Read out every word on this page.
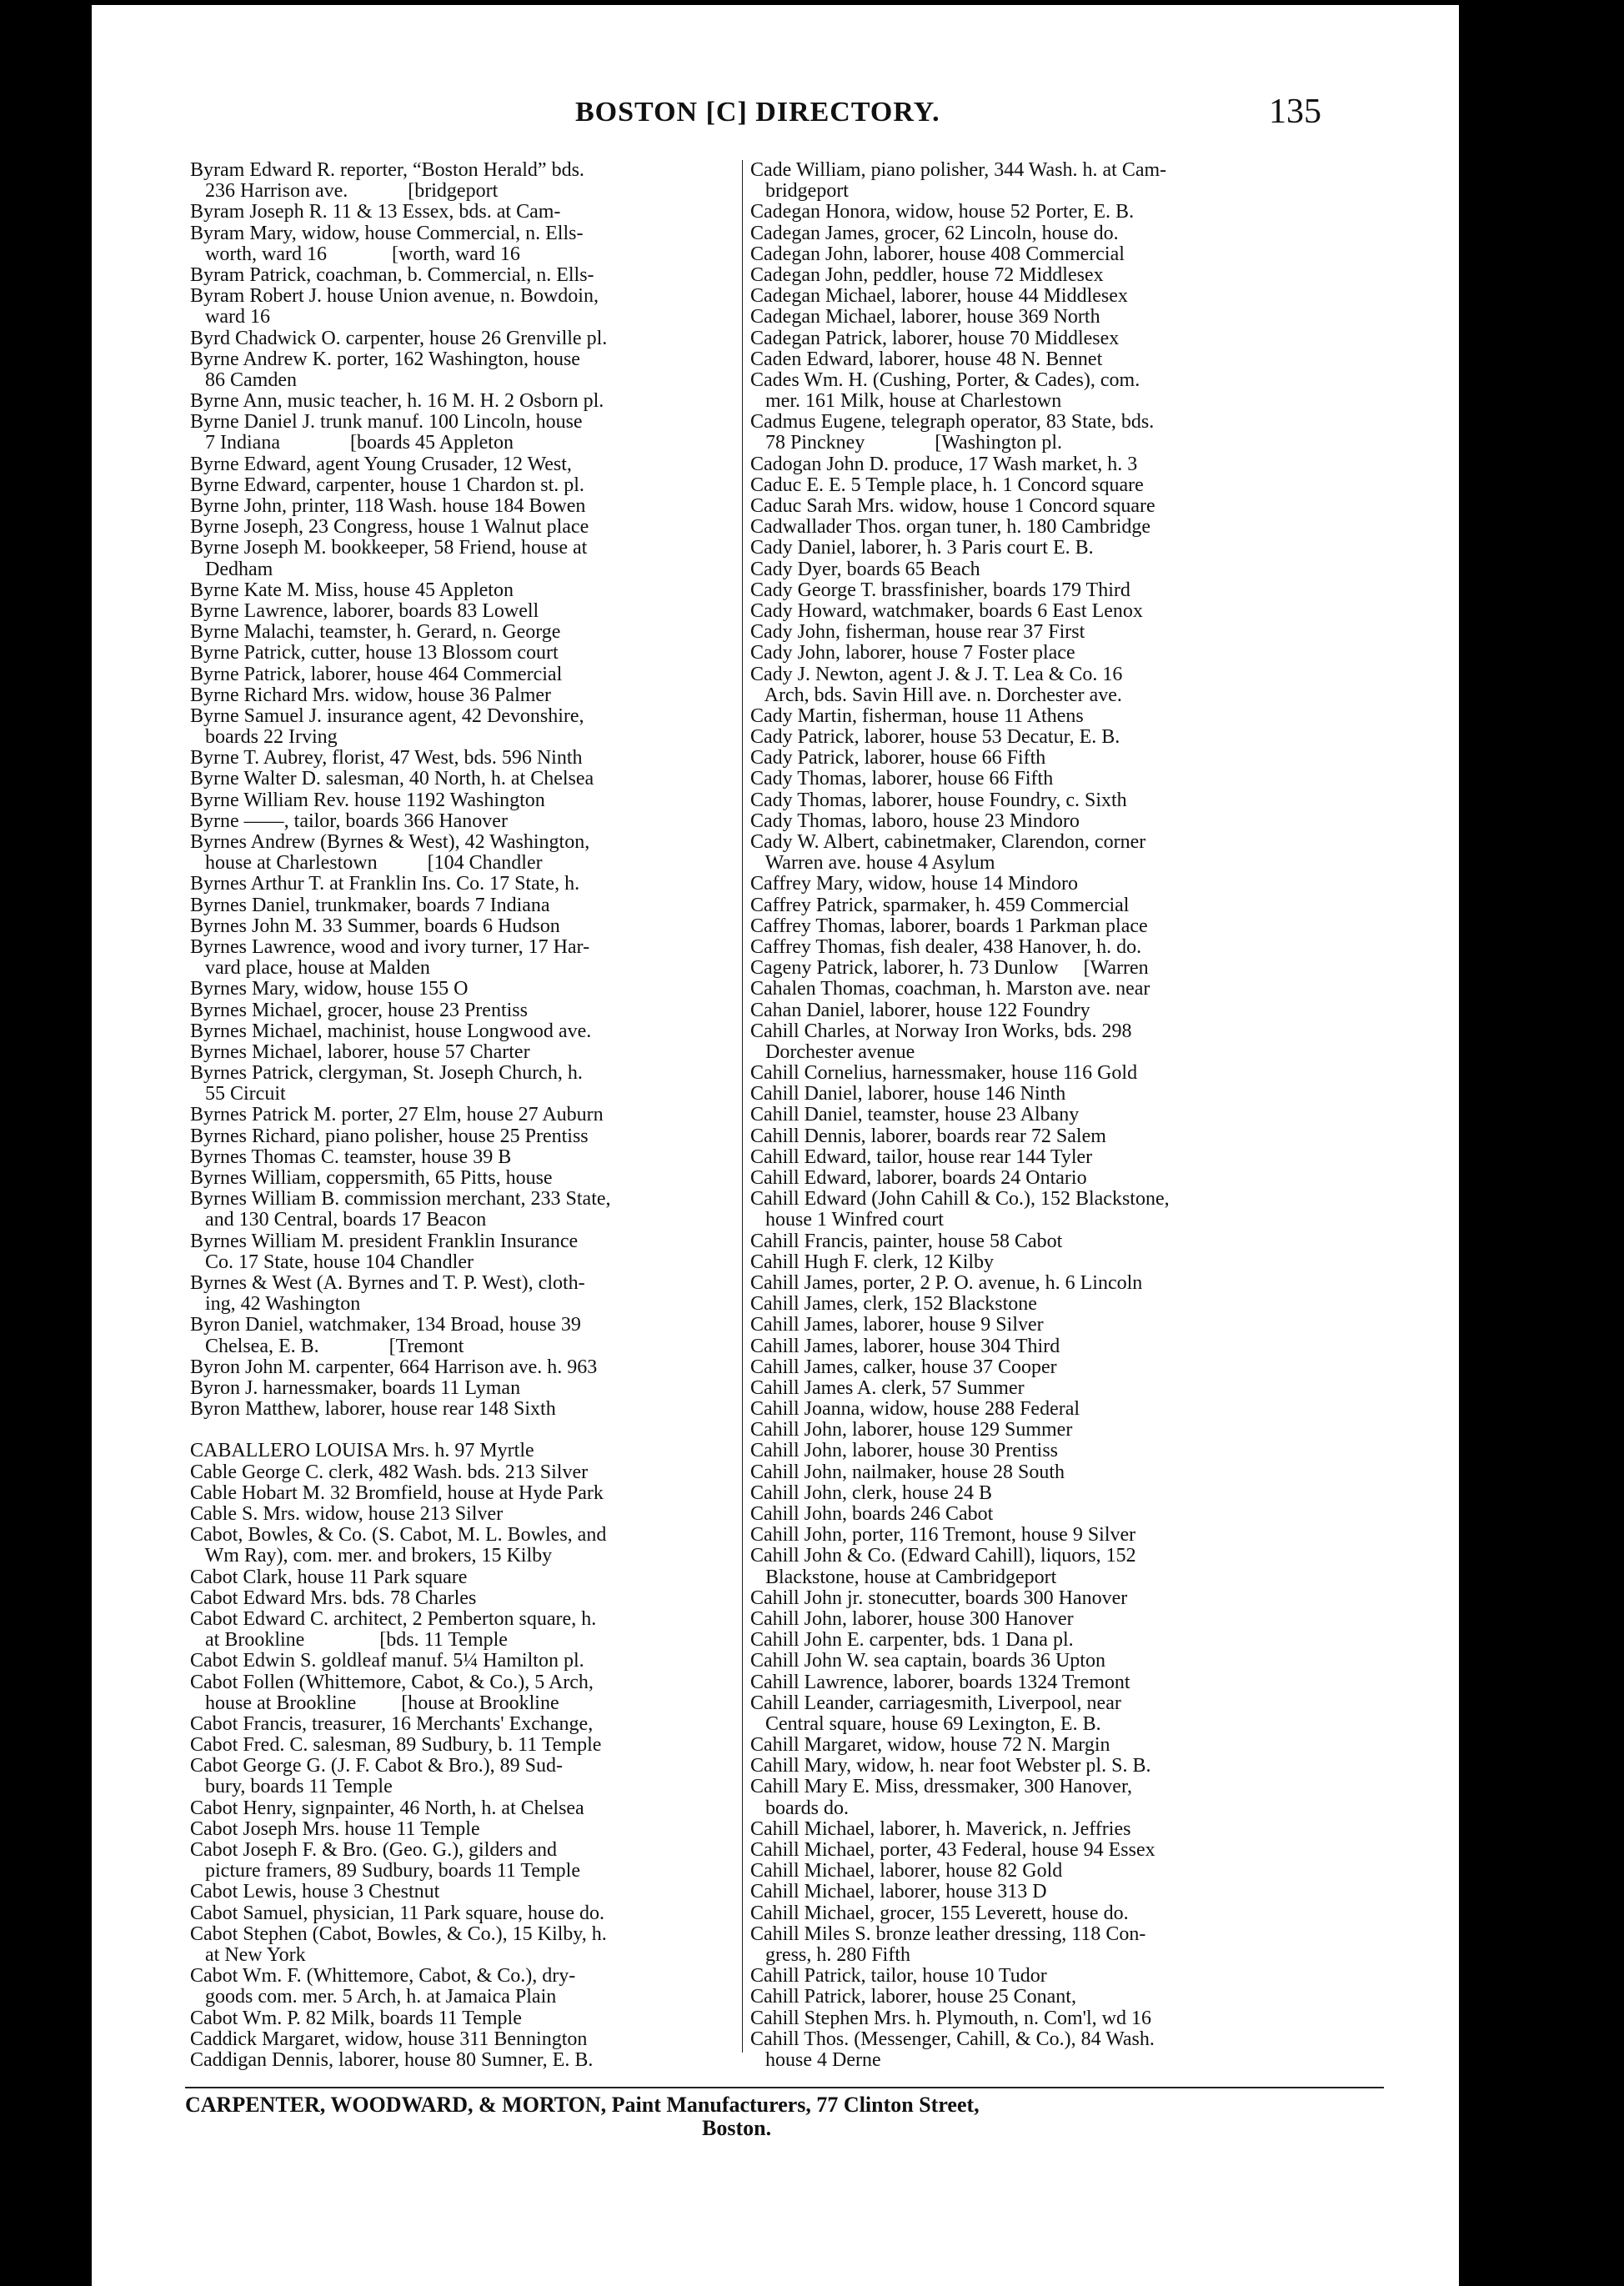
BOSTON [C] DIRECTORY.	135
Byram Edward R. reporter, “Boston Herald” bds.
236 Harrison ave.            [bridgeport
Byram Joseph R. 11 & 13 Essex, bds. at Cam-
Byram Mary, widow, house Commercial, n. Ells-
worth, ward 16             [worth, ward 16
Byram Patrick, coachman, b. Commercial, n. Ells-
Byram Robert J. house Union avenue, n. Bowdoin,
ward 16
Byrd Chadwick O. carpenter, house 26 Grenville pl.
Byrne Andrew K. porter, 162 Washington, house
86 Camden
Byrne Ann, music teacher, h. 16 M. H. 2 Osborn pl.
Byrne Daniel J. trunk manuf. 100 Lincoln, house
7 Indiana              [boards 45 Appleton
Byrne Edward, agent Young Crusader, 12 West,
Byrne Edward, carpenter, house 1 Chardon st. pl.
Byrne John, printer, 118 Wash. house 184 Bowen
Byrne Joseph, 23 Congress, house 1 Walnut place
Byrne Joseph M. bookkeeper, 58 Friend, house at
Dedham
Byrne Kate M. Miss, house 45 Appleton
Byrne Lawrence, laborer, boards 83 Lowell
Byrne Malachi, teamster, h. Gerard, n. George
Byrne Patrick, cutter, house 13 Blossom court
Byrne Patrick, laborer, house 464 Commercial
Byrne Richard Mrs. widow, house 36 Palmer
Byrne Samuel J. insurance agent, 42 Devonshire,
boards 22 Irving
Byrne T. Aubrey, florist, 47 West, bds. 596 Ninth
Byrne Walter D. salesman, 40 North, h. at Chelsea
Byrne William Rev. house 1192 Washington
Byrne ——, tailor, boards 366 Hanover
Byrnes Andrew (Byrnes & West), 42 Washington,
house at Charlestown          [104 Chandler
Byrnes Arthur T. at Franklin Ins. Co. 17 State, h.
Byrnes Daniel, trunkmaker, boards 7 Indiana
Byrnes John M. 33 Summer, boards 6 Hudson
Byrnes Lawrence, wood and ivory turner, 17 Har-
vard place, house at Malden
Byrnes Mary, widow, house 155 O
Byrnes Michael, grocer, house 23 Prentiss
Byrnes Michael, machinist, house Longwood ave.
Byrnes Michael, laborer, house 57 Charter
Byrnes Patrick, clergyman, St. Joseph Church, h.
55 Circuit
Byrnes Patrick M. porter, 27 Elm, house 27 Auburn
Byrnes Richard, piano polisher, house 25 Prentiss
Byrnes Thomas C. teamster, house 39 B
Byrnes William, coppersmith, 65 Pitts, house
Byrnes William B. commission merchant, 233 State,
and 130 Central, boards 17 Beacon
Byrnes William M. president Franklin Insurance
Co. 17 State, house 104 Chandler
Byrnes & West (A. Byrnes and T. P. West), cloth-
ing, 42 Washington
Byron Daniel, watchmaker, 134 Broad, house 39
Chelsea, E. B.              [Tremont
Byron John M. carpenter, 664 Harrison ave. h. 963
Byron J. harnessmaker, boards 11 Lyman
Byron Matthew, laborer, house rear 148 Sixth
CABALLERO LOUISA Mrs. h. 97 Myrtle
Cable George C. clerk, 482 Wash. bds. 213 Silver
Cable Hobart M. 32 Bromfield, house at Hyde Park
Cable S. Mrs. widow, house 213 Silver
Cabot, Bowles, & Co. (S. Cabot, M. L. Bowles, and
Wm Ray), com. mer. and brokers, 15 Kilby
Cabot Clark, house 11 Park square
Cabot Edward Mrs. bds. 78 Charles
Cabot Edward C. architect, 2 Pemberton square, h.
at Brookline               [bds. 11 Temple
Cabot Edwin S. goldleaf manuf. 5¼ Hamilton pl.
Cabot Follen (Whittemore, Cabot, & Co.), 5 Arch,
house at Brookline         [house at Brookline
Cabot Francis, treasurer, 16 Merchants' Exchange,
Cabot Fred. C. salesman, 89 Sudbury, b. 11 Temple
Cabot George G. (J. F. Cabot & Bro.), 89 Sud-
bury, boards 11 Temple
Cabot Henry, signpainter, 46 North, h. at Chelsea
Cabot Joseph Mrs. house 11 Temple
Cabot Joseph F. & Bro. (Geo. G.), gilders and
picture framers, 89 Sudbury, boards 11 Temple
Cabot Lewis, house 3 Chestnut
Cabot Samuel, physician, 11 Park square, house do.
Cabot Stephen (Cabot, Bowles, & Co.), 15 Kilby, h.
at New York
Cabot Wm. F. (Whittemore, Cabot, & Co.), dry-
goods com. mer. 5 Arch, h. at Jamaica Plain
Cabot Wm. P. 82 Milk, boards 11 Temple
Caddick Margaret, widow, house 311 Bennington
Caddigan Dennis, laborer, house 80 Sumner, E. B.
Cade William, piano polisher, 344 Wash. h. at Cam-
bridgeport
Cadegan Honora, widow, house 52 Porter, E. B.
Cadegan James, grocer, 62 Lincoln, house do.
Cadegan John, laborer, house 408 Commercial
Cadegan John, peddler, house 72 Middlesex
Cadegan Michael, laborer, house 44 Middlesex
Cadegan Michael, laborer, house 369 North
Cadegan Patrick, laborer, house 70 Middlesex
Caden Edward, laborer, house 48 N. Bennet
Cades Wm. H. (Cushing, Porter, & Cades), com.
mer. 161 Milk, house at Charlestown
Cadmus Eugene, telegraph operator, 83 State, bds.
78 Pinckney              [Washington pl.
Cadogan John D. produce, 17 Wash market, h. 3
Caduc E. E. 5 Temple place, h. 1 Concord square
Caduc Sarah Mrs. widow, house 1 Concord square
Cadwallader Thos. organ tuner, h. 180 Cambridge
Cady Daniel, laborer, h. 3 Paris court E. B.
Cady Dyer, boards 65 Beach
Cady George T. brassfinisher, boards 179 Third
Cady Howard, watchmaker, boards 6 East Lenox
Cady John, fisherman, house rear 37 First
Cady John, laborer, house 7 Foster place
Cady J. Newton, agent J. & J. T. Lea & Co. 16
Arch, bds. Savin Hill ave. n. Dorchester ave.
Cady Martin, fisherman, house 11 Athens
Cady Patrick, laborer, house 53 Decatur, E. B.
Cady Patrick, laborer, house 66 Fifth
Cady Thomas, laborer, house 66 Fifth
Cady Thomas, laborer, house Foundry, c. Sixth
Cady Thomas, laboro, house 23 Mindoro
Cady W. Albert, cabinetmaker, Clarendon, corner
Warren ave. house 4 Asylum
Caffrey Mary, widow, house 14 Mindoro
Caffrey Patrick, sparmaker, h. 459 Commercial
Caffrey Thomas, laborer, boards 1 Parkman place
Caffrey Thomas, fish dealer, 438 Hanover, h. do.
Cageny Patrick, laborer, h. 73 Dunlow     [Warren
Cahalen Thomas, coachman, h. Marston ave. near
Cahan Daniel, laborer, house 122 Foundry
Cahill Charles, at Norway Iron Works, bds. 298
Dorchester avenue
Cahill Cornelius, harnessmaker, house 116 Gold
Cahill Daniel, laborer, house 146 Ninth
Cahill Daniel, teamster, house 23 Albany
Cahill Dennis, laborer, boards rear 72 Salem
Cahill Edward, tailor, house rear 144 Tyler
Cahill Edward, laborer, boards 24 Ontario
Cahill Edward (John Cahill & Co.), 152 Blackstone,
house 1 Winfred court
Cahill Francis, painter, house 58 Cabot
Cahill Hugh F. clerk, 12 Kilby
Cahill James, porter, 2 P. O. avenue, h. 6 Lincoln
Cahill James, clerk, 152 Blackstone
Cahill James, laborer, house 9 Silver
Cahill James, laborer, house 304 Third
Cahill James, calker, house 37 Cooper
Cahill James A. clerk, 57 Summer
Cahill Joanna, widow, house 288 Federal
Cahill John, laborer, house 129 Summer
Cahill John, laborer, house 30 Prentiss
Cahill John, nailmaker, house 28 South
Cahill John, clerk, house 24 B
Cahill John, boards 246 Cabot
Cahill John, porter, 116 Tremont, house 9 Silver
Cahill John & Co. (Edward Cahill), liquors, 152
Blackstone, house at Cambridgeport
Cahill John jr. stonecutter, boards 300 Hanover
Cahill John, laborer, house 300 Hanover
Cahill John E. carpenter, bds. 1 Dana pl.
Cahill John W. sea captain, boards 36 Upton
Cahill Lawrence, laborer, boards 1324 Tremont
Cahill Leander, carriagesmith, Liverpool, near
Central square, house 69 Lexington, E. B.
Cahill Margaret, widow, house 72 N. Margin
Cahill Mary, widow, h. near foot Webster pl. S. B.
Cahill Mary E. Miss, dressmaker, 300 Hanover,
boards do.
Cahill Michael, laborer, h. Maverick, n. Jeffries
Cahill Michael, porter, 43 Federal, house 94 Essex
Cahill Michael, laborer, house 82 Gold
Cahill Michael, laborer, house 313 D
Cahill Michael, grocer, 155 Leverett, house do.
Cahill Miles S. bronze leather dressing, 118 Con-
gress, h. 280 Fifth
Cahill Patrick, tailor, house 10 Tudor
Cahill Patrick, laborer, house 25 Conant,
Cahill Stephen Mrs. h. Plymouth, n. Com'l, wd 16
Cahill Thos. (Messenger, Cahill, & Co.), 84 Wash.
house 4 Derne
CARPENTER, WOODWARD, & MORTON, Paint Manufacturers, 77 Clinton Street,
Boston.
